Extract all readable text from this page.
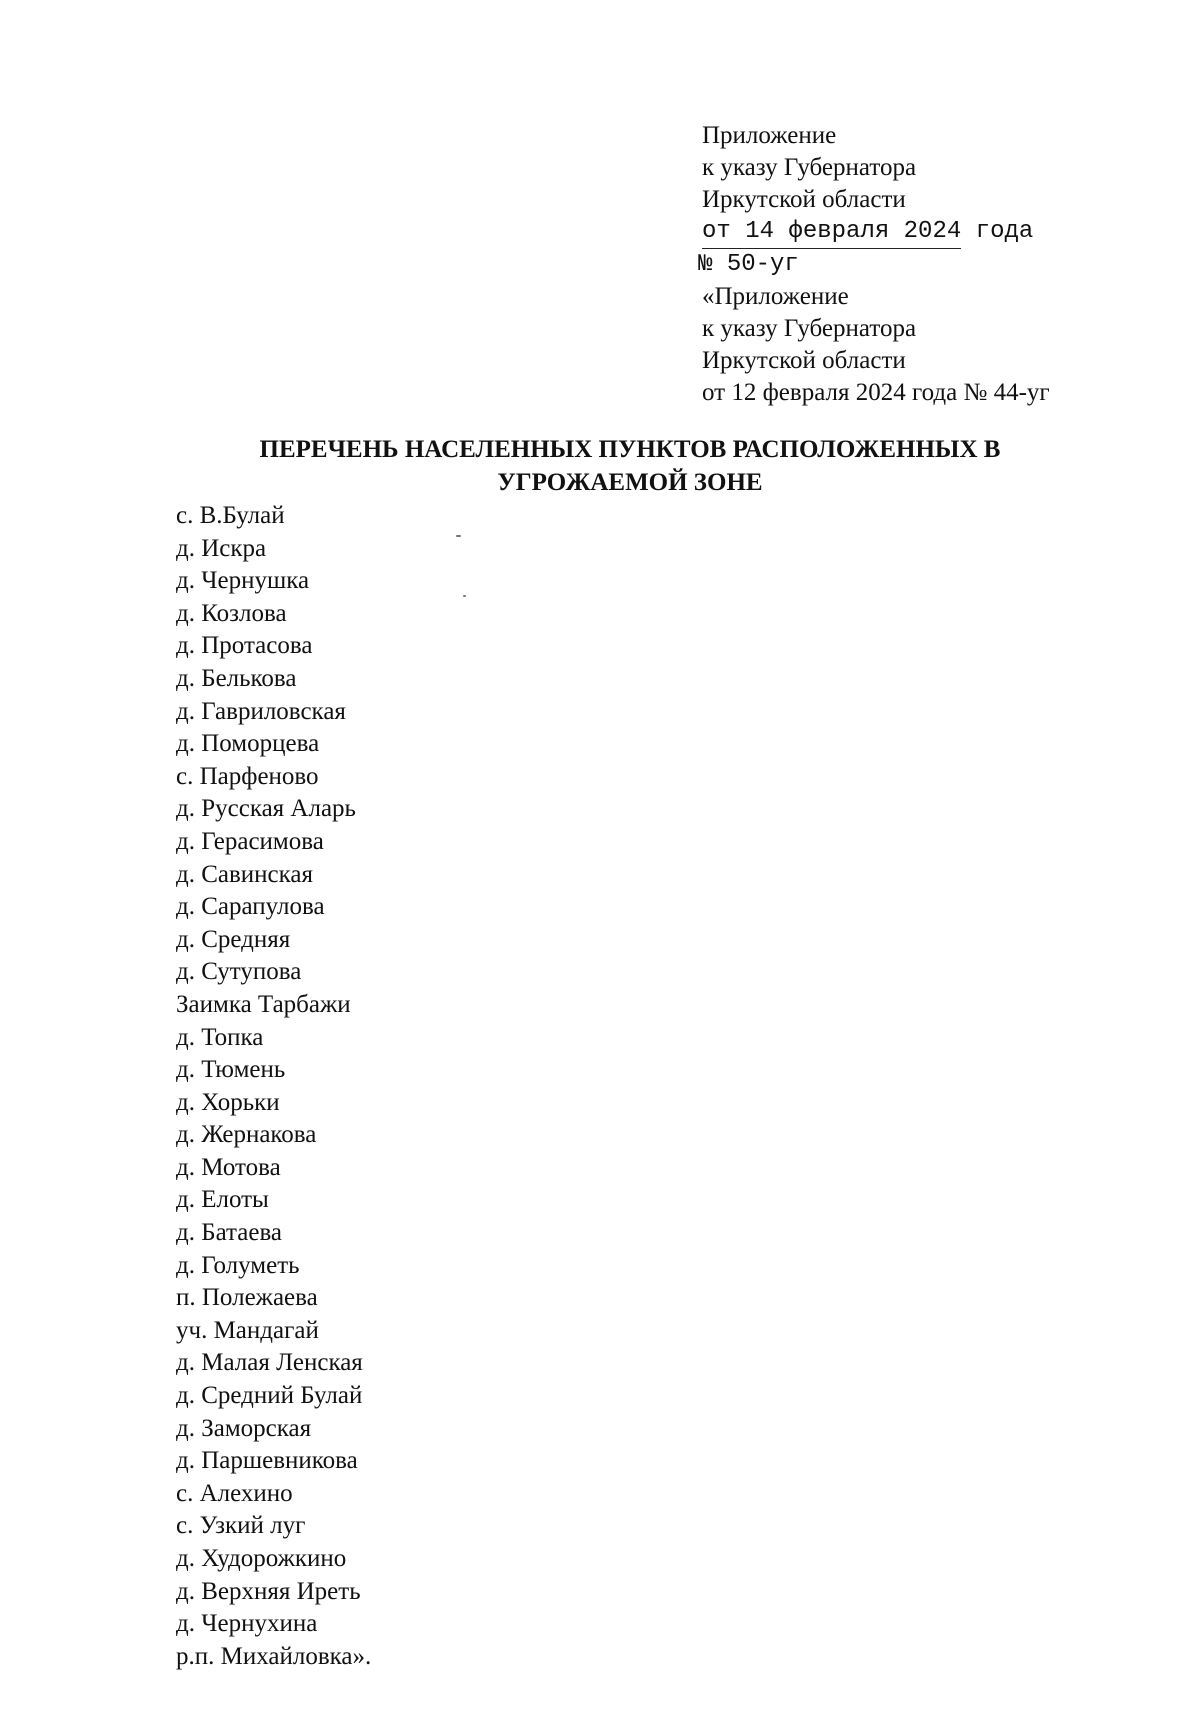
Приложение
к указу Губернатора
Иркутской области
от 14 февраля 2024 года
№ 50-уг
«Приложение
к указу Губернатора
Иркутской области
от 12 февраля 2024 года № 44-уг
ПЕРЕЧЕНЬ НАСЕЛЕННЫХ ПУНКТОВ РАСПОЛОЖЕННЫХ В
УГРОЖАЕМОЙ ЗОНЕ
с. В.Булай
д. Искра
д. Чернушка
д. Козлова
д. Протасова
д. Белькова
д. Гавриловская
д. Поморцева
с. Парфеново
д. Русская Аларь
д. Герасимова
д. Савинская
д. Сарапулова
д. Средняя
д. Сутупова
Заимка Тарбажи
д. Топка
д. Тюмень
д. Хорьки
д. Жернакова
д. Мотова
д. Елоты
д. Батаева
д. Голуметь
п. Полежаева
уч. Мандагай
д. Малая Ленская
д. Средний Булай
д. Заморская
д. Паршевникова
с. Алехино
с. Узкий луг
д. Худорожкино
д. Верхняя Иреть
д. Чернухина
р.п. Михайловка».
